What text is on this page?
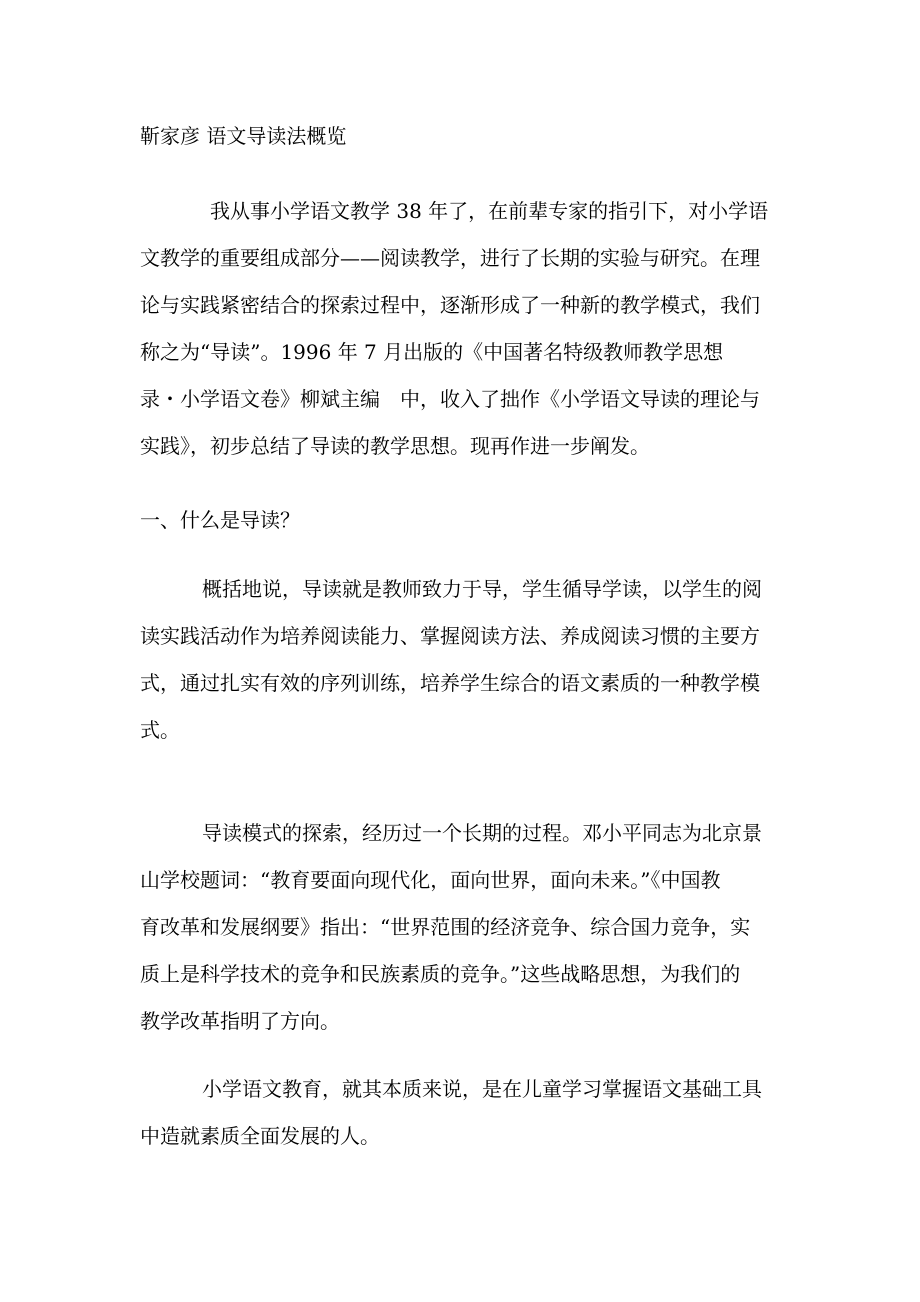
靳家彦 语文导读法概览
我从事小学语文教学 38 年了，在前辈专家的指引下，对小学语
文教学的重要组成部分——阅读教学，进行了长期的实验与研究。在理
论与实践紧密结合的探索过程中，逐渐形成了一种新的教学模式，我们
称之为“导读”。1996 年 7 月出版的《中国著名特级教师教学思想
录・小学语文卷》柳斌主编　中，收入了拙作《小学语文导读的理论与
实践》，初步总结了导读的教学思想。现再作进一步阐发。
一、什么是导读？
概括地说，导读就是教师致力于导，学生循导学读，以学生的阅
读实践活动作为培养阅读能力、掌握阅读方法、养成阅读习惯的主要方
式，通过扎实有效的序列训练，培养学生综合的语文素质的一种教学模
式。
导读模式的探索，经历过一个长期的过程。邓小平同志为北京景
山学校题词：“教育要面向现代化，面向世界，面向未来。”《中国教
育改革和发展纲要》指出：“世界范围的经济竞争、综合国力竞争，实
质上是科学技术的竞争和民族素质的竞争。”这些战略思想，为我们的
教学改革指明了方向。
小学语文教育，就其本质来说，是在儿童学习掌握语文基础工具
中造就素质全面发展的人。
